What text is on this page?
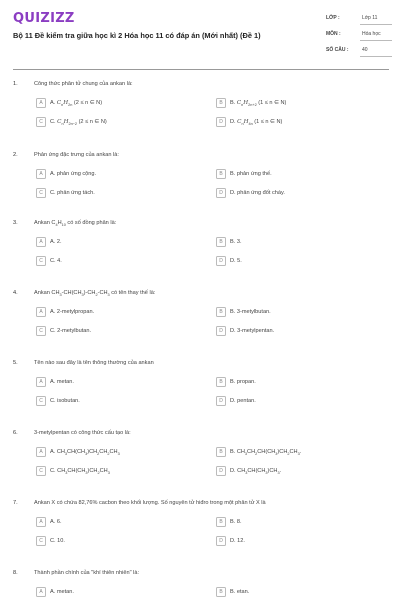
QUIZIZZ
Bộ 11 Đề kiểm tra giữa học kì 2 Hóa học 11 có đáp án (Mới nhất) (Đề 1)
LỚP :	Lớp 11
MÔN :	Hóa học
SỐ CÂU :	40
1.	Công thức phân tử chung của ankan là:
A	A. $C_nH_{2n}$ (2 ≤ n ∈ N)	B	B. $C_nH_{2n+2}$ (1 ≤ n ∈ N)
C	C. $C_nH_{2n-2}$ (2 ≤ n ∈ N)	D	D. $C_nH_{4n}$ (1 ≤ n ∈ N)
2.	Phản ứng đặc trưng của ankan là:
A	A. phản ứng cộng.	B	B. phản ứng thế.
C	C. phản ứng tách.	D	D. phản ứng đốt cháy.
3.	Ankan $C_4H_{10}$ có số đồng phân là:
A	A. 2.	B	B. 3.
C	C. 4.	D	D. 5.
4.	Ankan $CH_3-CH(CH_3)-CH_2-CH_3$ có tên thay thế là:
A	A. 2-metylpropan.	B	B. 3-metylbutan.
C	C. 2-metylbutan.	D	D. 3-metylpentan.
5.	Tên nào sau đây là tên thông thường của ankan
A	A. metan.	B	B. propan.
C	C. isobutan.	D	D. pentan.
6.	3-metylpentan có công thức cấu tạo là:
A	A. $CH_3CH(CH_3)CH_2CH_2CH_3$	B	B. $CH_3CH_2CH(CH_3)CH_2CH_3$.
C	C. $CH_3CH(CH_3)CH_2CH_3$	D	D. $CH_3CH(CH_3)CH_3$.
7.	Ankan X có chứa 82,76% cacbon theo khối lượng. Số nguyên tử hiđro trong một phân tử X là
A	A. 6.	B	B. 8.
C	C. 10.	D	D. 12.
8.	Thành phần chính của "khí thiên nhiên" là:
A	A. metan.	B	B. etan.
